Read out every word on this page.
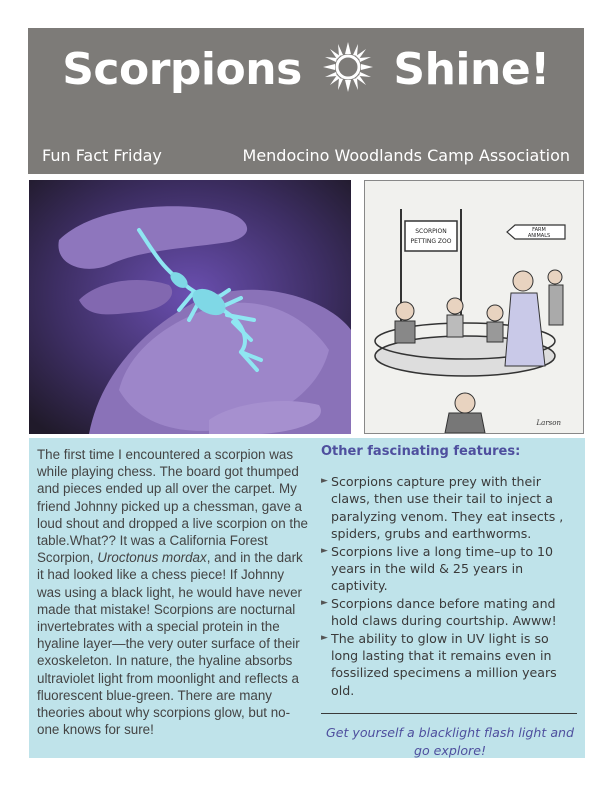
Scorpions Shine!
Fun Fact Friday	Mendocino Woodlands Camp Association
SCORPION
PETTING ZOO
FARM
ANIMALS
Larson
The first time I encountered a scorpion was while playing chess. The board got thumped and pieces ended up all over the carpet. My friend Johnny picked up a chessman, gave a loud shout and dropped a live scorpion on the table.What?? It was a California Forest Scorpion, Uroctonus mordax, and in the dark it had looked like a chess piece! If Johnny was using a black light, he would have never made that mistake! Scorpions are nocturnal invertebrates with a special protein in the hyaline layer—the very outer surface of their exoskeleton. In nature, the hyaline absorbs ultraviolet light from moonlight and reflects a fluorescent blue-green. There are many theories about why scorpions glow, but no-one knows for sure!
Other fascinating features:
► Scorpions capture prey with their claws, then use their tail to inject a paralyzing venom. They eat insects , spiders, grubs and earthworms.
► Scorpions live a long time–up to 10 years in the wild & 25 years in captivity.
► Scorpions dance before mating and hold claws during courtship. Awww!
► The ability to glow in UV light is so long lasting that it remains even in fossilized specimens a million years old.
Get yourself a blacklight flash light and go explore!
